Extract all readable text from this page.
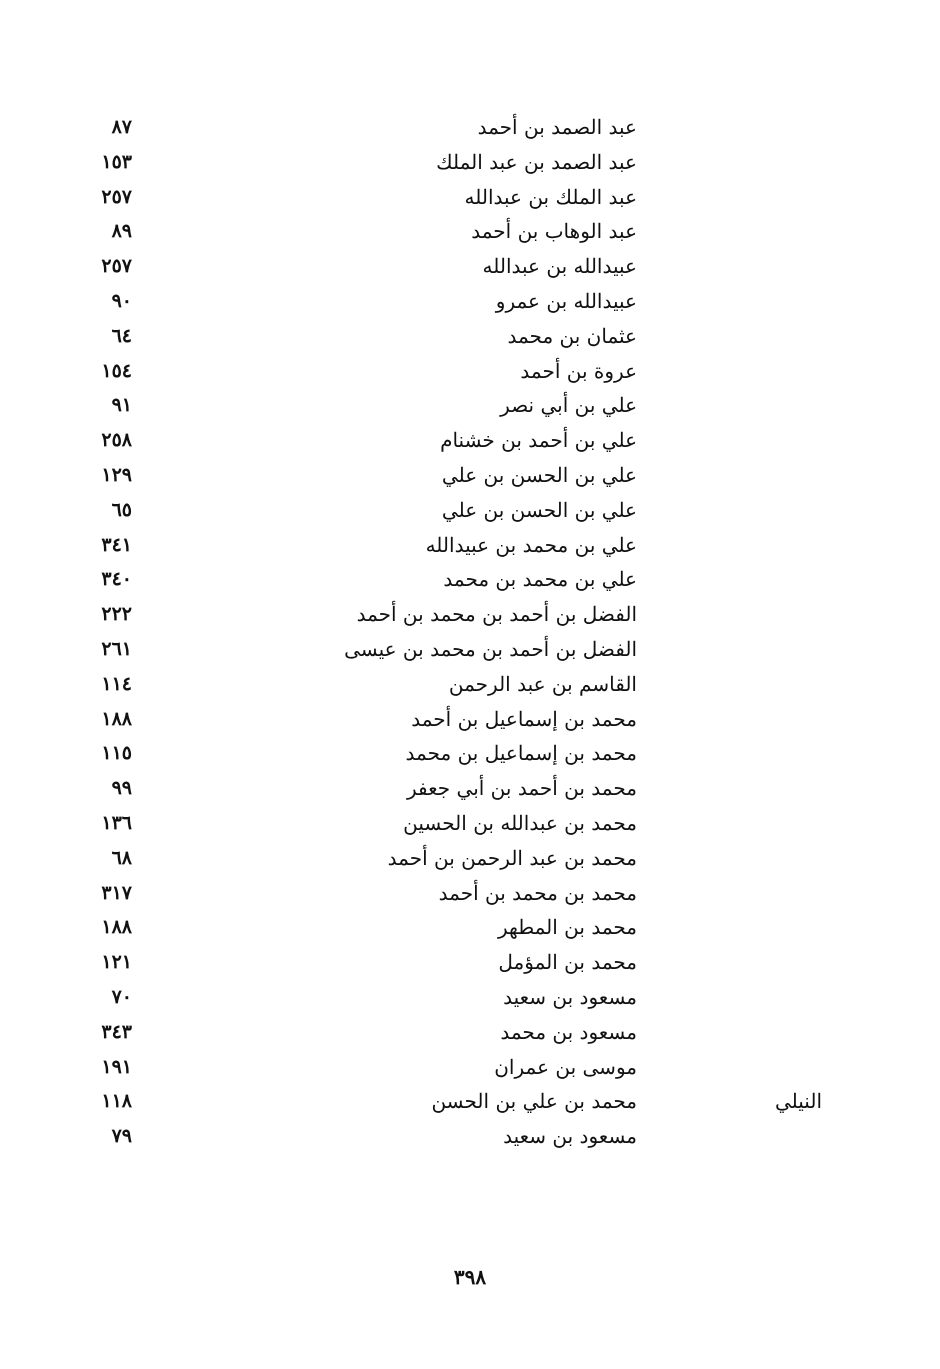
عبد الصمد بن أحمد
٨٧
عبد الصمد بن عبد الملك
١٥٣
عبد الملك بن عبدالله
٢٥٧
عبد الوهاب بن أحمد
٨٩
عبيدالله بن عبدالله
٢٥٧
عبيدالله بن عمرو
٩٠
عثمان بن محمد
٦٤
عروة بن أحمد
١٥٤
علي بن أبي نصر
٩١
علي بن أحمد بن خشنام
٢٥٨
علي بن الحسن بن علي
١٢٩
علي بن الحسن بن علي
٦٥
علي بن محمد بن عبيدالله
٣٤١
علي بن محمد بن محمد
٣٤٠
الفضل بن أحمد بن محمد بن أحمد
٢٢٢
الفضل بن أحمد بن محمد بن عيسى
٢٦١
القاسم بن عبد الرحمن
١١٤
محمد بن إسماعيل بن أحمد
١٨٨
محمد بن إسماعيل بن محمد
١١٥
محمد بن أحمد بن أبي جعفر
٩٩
محمد بن عبدالله بن الحسين
١٣٦
محمد بن عبد الرحمن بن أحمد
٦٨
محمد بن محمد بن أحمد
٣١٧
محمد بن المطهر
١٨٨
محمد بن المؤمل
١٢١
مسعود بن سعيد
٧٠
مسعود بن محمد
٣٤٣
موسى بن عمران
١٩١
النيلي
محمد بن علي بن الحسن
١١٨
مسعود بن سعيد
٧٩
٣٩٨
